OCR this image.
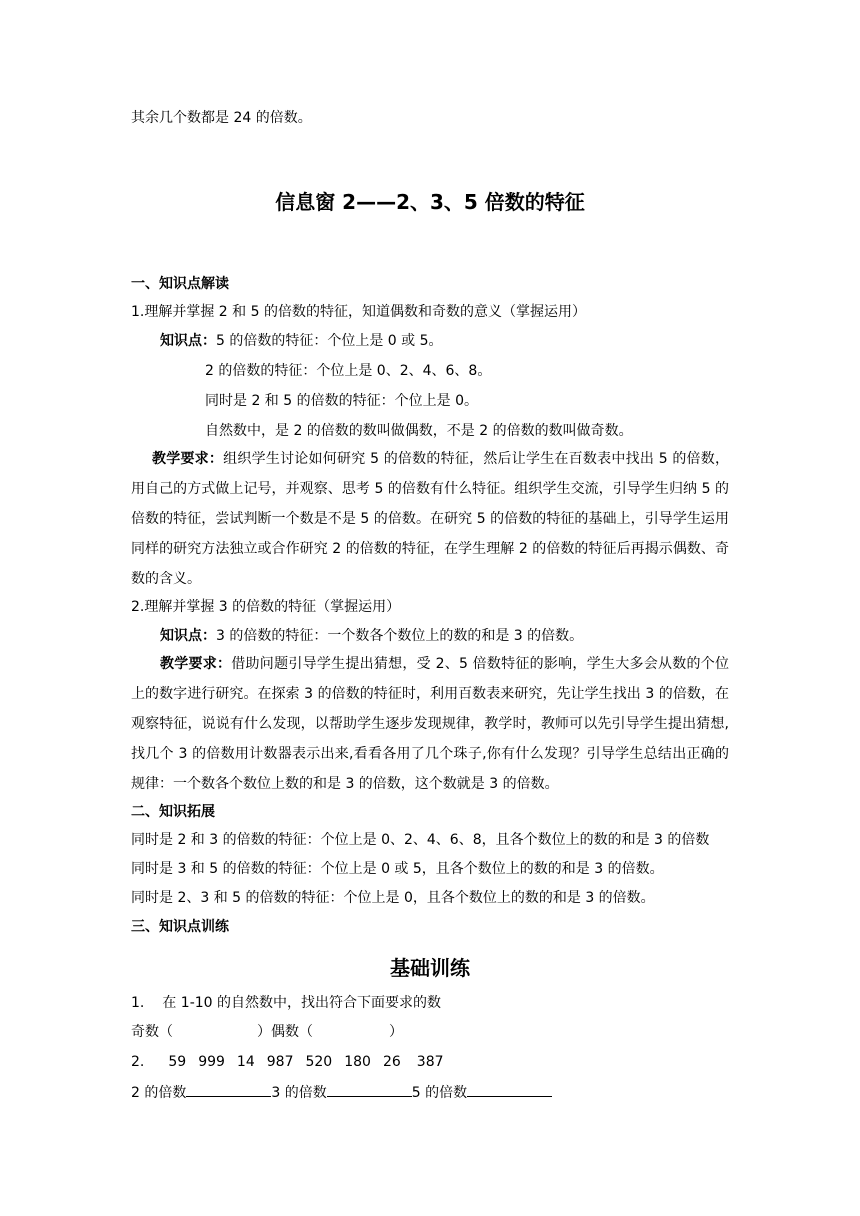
其余几个数都是 24 的倍数。
信息窗 2——2、3、5 倍数的特征
一、知识点解读
1.理解并掌握 2 和 5 的倍数的特征，知道偶数和奇数的意义（掌握运用）
知识点：5 的倍数的特征：个位上是 0 或 5。
2 的倍数的特征：个位上是 0、2、4、6、8。
同时是 2 和 5 的倍数的特征：个位上是 0。
自然数中，是 2 的倍数的数叫做偶数，不是 2 的倍数的数叫做奇数。
教学要求：组织学生讨论如何研究 5 的倍数的特征，然后让学生在百数表中找出 5 的倍数，用自己的方式做上记号，并观察、思考 5 的倍数有什么特征。组织学生交流，引导学生归纳 5 的倍数的特征，尝试判断一个数是不是 5 的倍数。在研究 5 的倍数的特征的基础上，引导学生运用同样的研究方法独立或合作研究 2 的倍数的特征，在学生理解 2 的倍数的特征后再揭示偶数、奇数的含义。
2.理解并掌握 3 的倍数的特征（掌握运用）
知识点：3 的倍数的特征：一个数各个数位上的数的和是 3 的倍数。
教学要求：借助问题引导学生提出猜想，受 2、5 倍数特征的影响，学生大多会从数的个位上的数字进行研究。在探索 3 的倍数的特征时，利用百数表来研究，先让学生找出 3 的倍数，在观察特征，说说有什么发现，以帮助学生逐步发现规律，教学时，教师可以先引导学生提出猜想,找几个 3 的倍数用计数器表示出来,看看各用了几个珠子,你有什么发现？引导学生总结出正确的规律：一个数各个数位上数的和是 3 的倍数，这个数就是 3 的倍数。
二、知识拓展
同时是 2 和 3 的倍数的特征：个位上是 0、2、4、6、8，且各个数位上的数的和是 3 的倍数
同时是 3 和 5 的倍数的特征：个位上是 0 或 5，且各个数位上的数的和是 3 的倍数。
同时是 2、3 和 5 的倍数的特征：个位上是 0，且各个数位上的数的和是 3 的倍数。
三、知识点训练
基础训练
1. 在 1-10 的自然数中，找出符合下面要求的数
奇数（	）偶数（	）
2. 59 999 14 987 520 180 26 387
2 的倍数	3 的倍数	5 的倍数
